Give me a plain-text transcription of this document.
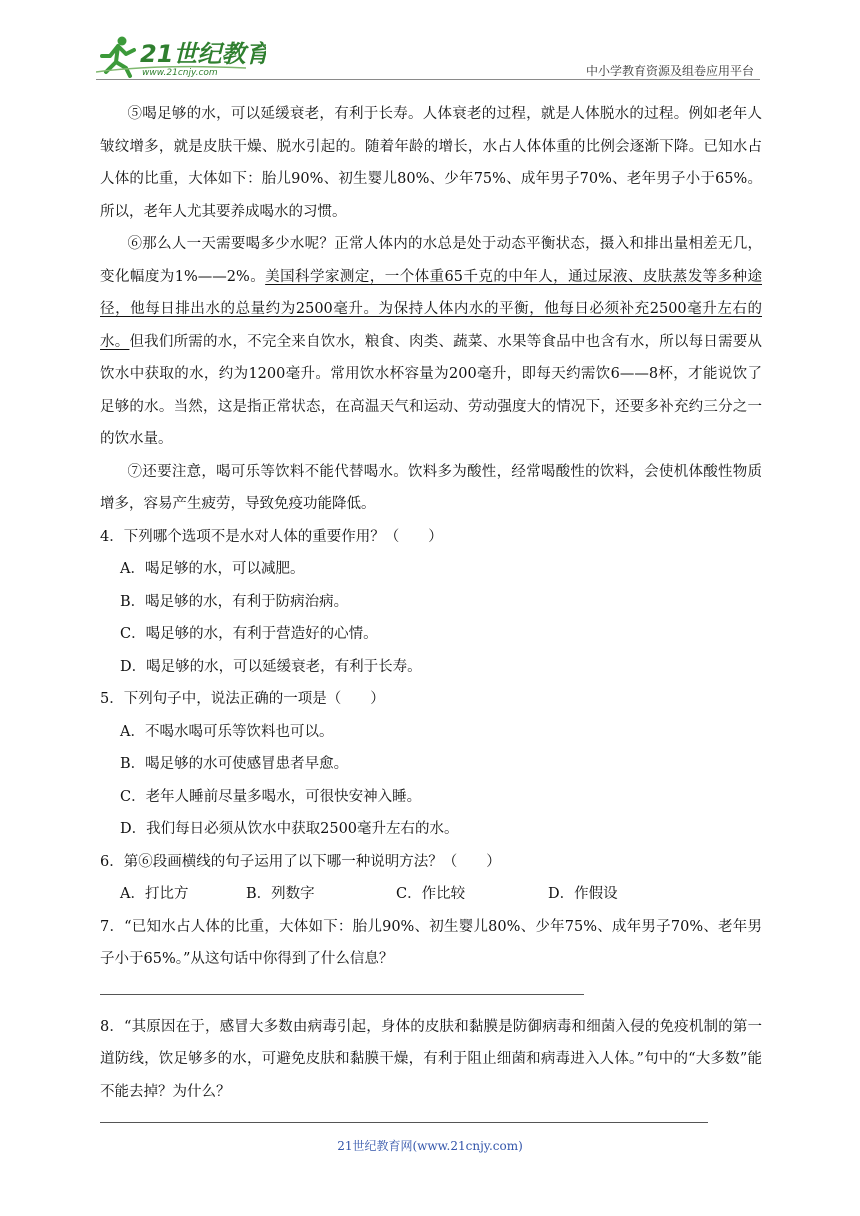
21世纪教育
www.21cnjy.com	中小学教育资源及组卷应用平台

⑤喝足够的水，可以延缓衰老，有利于长寿。人体衰老的过程，就是人体脱水的过程。例如老年人皱纹增多，就是皮肤干燥、脱水引起的。随着年龄的增长，水占人体体重的比例会逐渐下降。已知水占人体的比重，大体如下：胎儿90%、初生婴儿80%、少年75%、成年男子70%、老年男子小于65%。所以，老年人尤其要养成喝水的习惯。

⑥那么人一天需要喝多少水呢？正常人体内的水总是处于动态平衡状态，摄入和排出量相差无几，变化幅度为1%——2%。美国科学家测定，一个体重65千克的中年人，通过尿液、皮肤蒸发等多种途径，他每日排出水的总量约为2500毫升。为保持人体内水的平衡，他每日必须补充2500毫升左右的水。但我们所需的水，不完全来自饮水，粮食、肉类、蔬菜、水果等食品中也含有水，所以每日需要从饮水中获取的水，约为1200毫升。常用饮水杯容量为200毫升，即每天约需饮6——8杯，才能说饮了足够的水。当然，这是指正常状态，在高温天气和运动、劳动强度大的情况下，还要多补充约三分之一的饮水量。

⑦还要注意，喝可乐等饮料不能代替喝水。饮料多为酸性，经常喝酸性的饮料，会使机体酸性物质增多，容易产生疲劳，导致免疫功能降低。

4．下列哪个选项不是水对人体的重要作用？（　　）

A．喝足够的水，可以减肥。

B．喝足够的水，有利于防病治病。

C．喝足够的水，有利于营造好的心情。

D．喝足够的水，可以延缓衰老，有利于长寿。

5．下列句子中，说法正确的一项是（　　）

A．不喝水喝可乐等饮料也可以。

B．喝足够的水可使感冒患者早愈。

C．老年人睡前尽量多喝水，可很快安神入睡。

D．我们每日必须从饮水中获取2500毫升左右的水。

6．第⑥段画横线的句子运用了以下哪一种说明方法？（　　）

A．打比方	B．列数字	C．作比较	D．作假设

7．“已知水占人体的比重，大体如下：胎儿90%、初生婴儿80%、少年75%、成年男子70%、老年男子小于65%。”从这句话中你得到了什么信息？

8．“其原因在于，感冒大多数由病毒引起，身体的皮肤和黏膜是防御病毒和细菌入侵的免疫机制的第一道防线，饮足够多的水，可避免皮肤和黏膜干燥，有利于阻止细菌和病毒进入人体。”句中的“大多数”能不能去掉？为什么？

21世纪教育网(www.21cnjy.com)
